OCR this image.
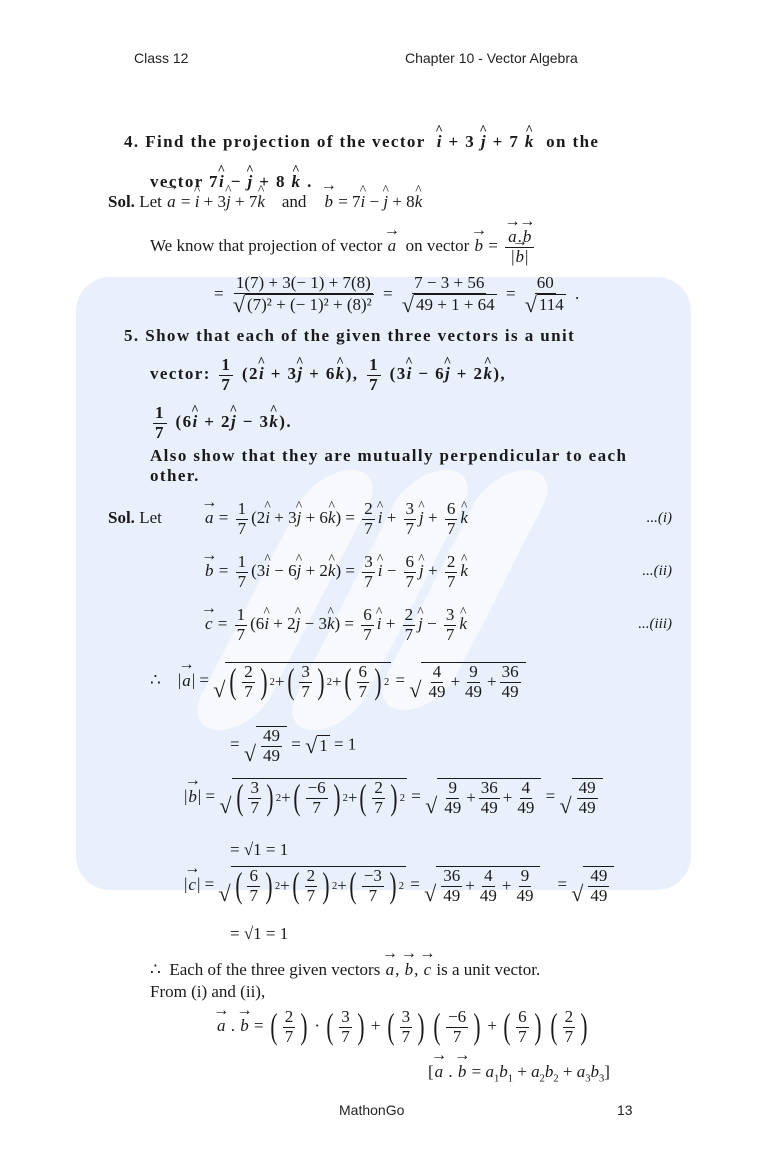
Class 12	Chapter 10 - Vector Algebra
4. Find the projection of the vector ^ i + 3 ^ j + 7 ^ k on the
vector 7^ i − ^ j + 8 ^ k .
Sol. Let → a = ^ i + 3^ j + 7^ k and → b = 7^ i − ^ j + 8^ k
We know that projection of vector → a on vector → b = → $\frac{a.\to b}{|\to b|}$
= $\frac{1(7) + 3(- 1) + 7(8)}{\text{√ (7)² + (− 1)² + (8)²}} = \frac{7 - 3 + 56}{√ 49 + 1 + 64} = \frac{60}{√ 114}$ .
5. Show that each of the given three vectors is a unit
vector: $\frac{1}{7}$ (2^ i + 3^ j + 6^ k), $\frac{1}{7}$ (3^ i − 6^ j + 2^ k),
$\frac{1}{7}$ (6^ i + 2^ j − 3^ k).
Also show that they are mutually perpendicular to each
other.
Sol. Let	→ $a = \frac{1}{7}$ (2^ i + 3^ j + 6^ $k) = \frac{2}{7}$ ^ $i + \frac{3}{7}$ ^ $j + \frac{6}{7}$ ^ k	...(i)
→ $b = \frac{1}{7}$ (3^ i − 6^ j + 2^ $k) = \frac{3}{7}$ ^ $i - \frac{6}{7}$ ^ $j + \frac{2}{7}$ ^ k	...(ii)
→ $c = \frac{1}{7}$ (6^ i + 2^ j − 3^ $k) = \frac{6}{7}$ ^ $i + \frac{2}{7}$ ^ $j - \frac{3}{7}$ ^ k	...(iii)
∴    |→ a| = √ ( $\frac{2}{7}$ ) 2 + ( $\frac{3}{7}$ ) 2 + ( $\frac{6}{7}$ ) 2 = √ $\frac{4}{49} + \frac{9}{49} + \frac{36}{49}$
= √ $\frac{49}{49}$ = √ 1 = 1
|→ b| = √ ( $\frac{3}{7}$ ) 2 + ( $\frac{-6}{7}$ ) 2 + ( $\frac{2}{7}$ ) 2 = √ $\frac{9}{49} + \frac{36}{49} + \frac{4}{49}$ = √ $\frac{49}{49}$
= √1 = 1
|→ c| = √ ( $\frac{6}{7}$ ) 2 + ( $\frac{2}{7}$ ) 2 + ( $\frac{-3}{7}$ ) 2 = √ $\frac{36}{49} + \frac{4}{49} + \frac{9}{49}$ = √ $\frac{49}{49}$
= √1 = 1
∴ Each of the three given vectors → a, → b, → c is a unit vector.
From (i) and (ii),
→ a . → b = ( $\frac{2}{7}$ ) · ( $\frac{3}{7}$ ) + ( $\frac{3}{7}$ )
( $\frac{-6}{7}$ ) + ( $\frac{6}{7}$ )
( $\frac{2}{7}$ )
[→ a . → $b = a_1b_1 + a_2b_2 + a_3b_3$]
MathonGo	13
